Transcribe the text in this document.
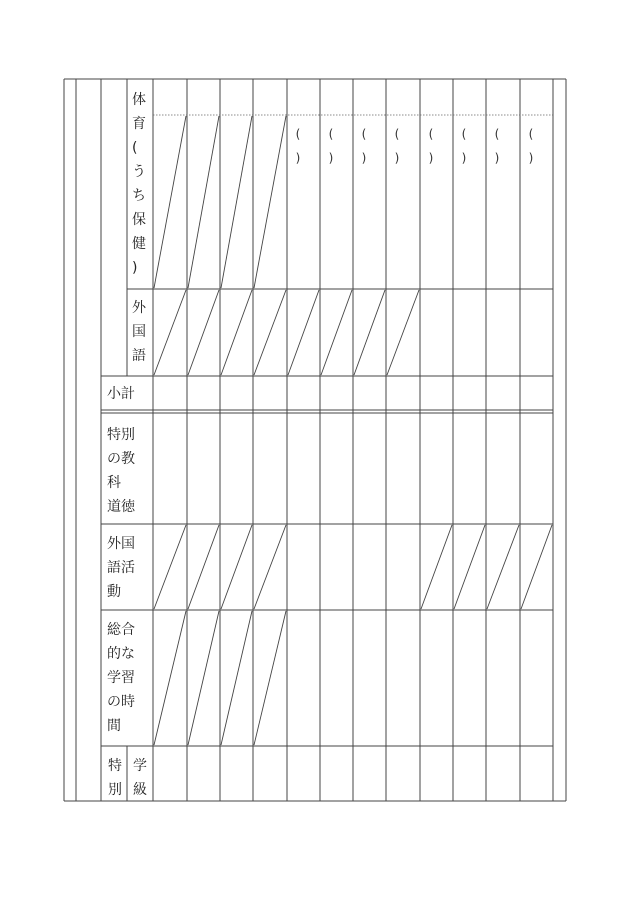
体
育
(
う
ち
保
健
)
外
国
語
小計
特別
の教
科
道徳
外国
語活
動
総合
的な
学習
の時
間
特
別
学
級
(
)
(
)
(
)
(
)
(
)
(
)
(
)
(
)
